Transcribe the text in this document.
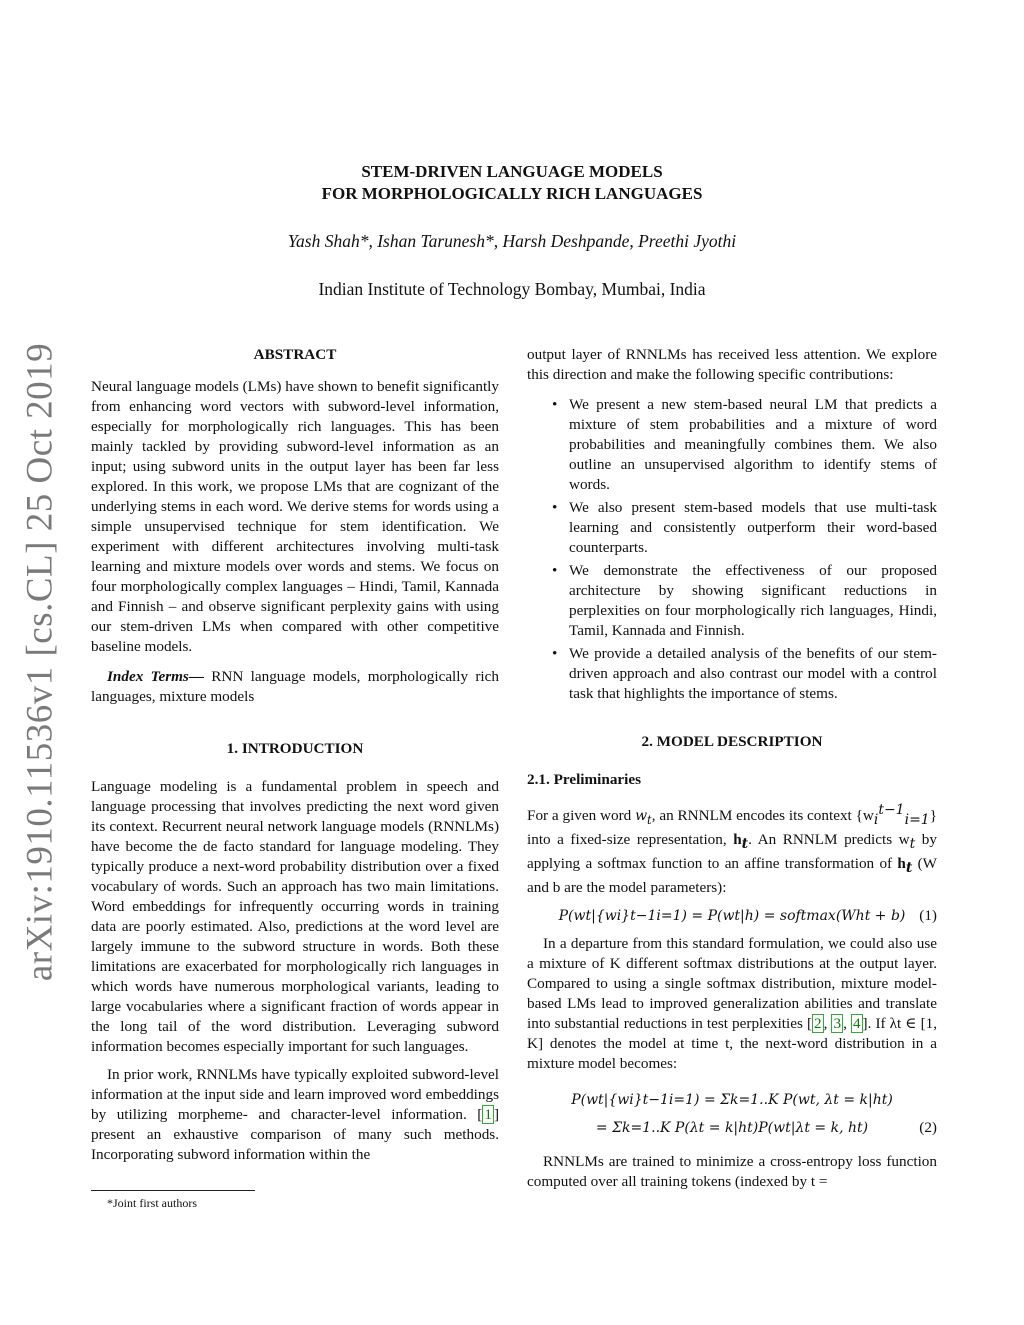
arXiv:1910.11536v1 [cs.CL] 25 Oct 2019
STEM-DRIVEN LANGUAGE MODELS
FOR MORPHOLOGICALLY RICH LANGUAGES
Yash Shah*, Ishan Tarunesh*, Harsh Deshpande, Preethi Jyothi
Indian Institute of Technology Bombay, Mumbai, India

ABSTRACT

Neural language models (LMs) have shown to benefit significantly from enhancing word vectors with subword-level information, especially for morphologically rich languages. This has been mainly tackled by providing subword-level information as an input; using subword units in the output layer has been far less explored. In this work, we propose LMs that are cognizant of the underlying stems in each word. We derive stems for words using a simple unsupervised technique for stem identification. We experiment with different architectures involving multi-task learning and mixture models over words and stems. We focus on four morphologically complex languages – Hindi, Tamil, Kannada and Finnish – and observe significant perplexity gains with using our stem-driven LMs when compared with other competitive baseline models.

Index Terms— RNN language models, morphologically rich languages, mixture models

1. INTRODUCTION

Language modeling is a fundamental problem in speech and language processing that involves predicting the next word given its context. Recurrent neural network language models (RNNLMs) have become the de facto standard for language modeling. They typically produce a next-word probability distribution over a fixed vocabulary of words. Such an approach has two main limitations. Word embeddings for infrequently occurring words in training data are poorly estimated. Also, predictions at the word level are largely immune to the subword structure in words. Both these limitations are exacerbated for morphologically rich languages in which words have numerous morphological variants, leading to large vocabularies where a significant fraction of words appear in the long tail of the word distribution. Leveraging subword information becomes especially important for such languages.

In prior work, RNNLMs have typically exploited subword-level information at the input side and learn improved word embeddings by utilizing morpheme- and character-level information. [ 1 ] present an exhaustive comparison of many such methods. Incorporating subword information within the

output layer of RNNLMs has received less attention. We explore this direction and make the following specific contributions:

• We present a new stem-based neural LM that predicts a mixture of stem probabilities and a mixture of word probabilities and meaningfully combines them. We also outline an unsupervised algorithm to identify stems of words.
• We also present stem-based models that use multi-task learning and consistently outperform their word-based counterparts.
• We demonstrate the effectiveness of our proposed architecture by showing significant reductions in perplexities on four morphologically rich languages, Hindi, Tamil, Kannada and Finnish.
• We provide a detailed analysis of the benefits of our stem-driven approach and also contrast our model with a control task that highlights the importance of stems.

2. MODEL DESCRIPTION

2.1. Preliminaries

For a given word $w_t$, an RNNLM encodes its context $\{w_i^{t-1}_{i=1}\}$ into a fixed-size representation, $h_t$. An RNNLM predicts $w_t$ by applying a softmax function to an affine transformation of $h_t$ (W and b are the model parameters):

P(wt|{wi}t−1i=1) = P(wt|h) = softmax(Wht + b) (1)

In a departure from this standard formulation, we could also use a mixture of K different softmax distributions at the output layer. Compared to using a single softmax distribution, mixture model-based LMs lead to improved generalization abilities and translate into substantial reductions in test perplexities [ 2 , 3 , 4 ]. If λt ∈ [1, K] denotes the model at time t, the next-word distribution in a mixture model becomes:

P(wt|{wi}t−1i=1) = Σk=1..K P(wt, λt = k|ht)
= Σk=1..K P(λt = k|ht)P(wt|λt = k, ht)	(2)

RNNLMs are trained to minimize a cross-entropy loss function computed over all training tokens (indexed by t =

*Joint first authors
